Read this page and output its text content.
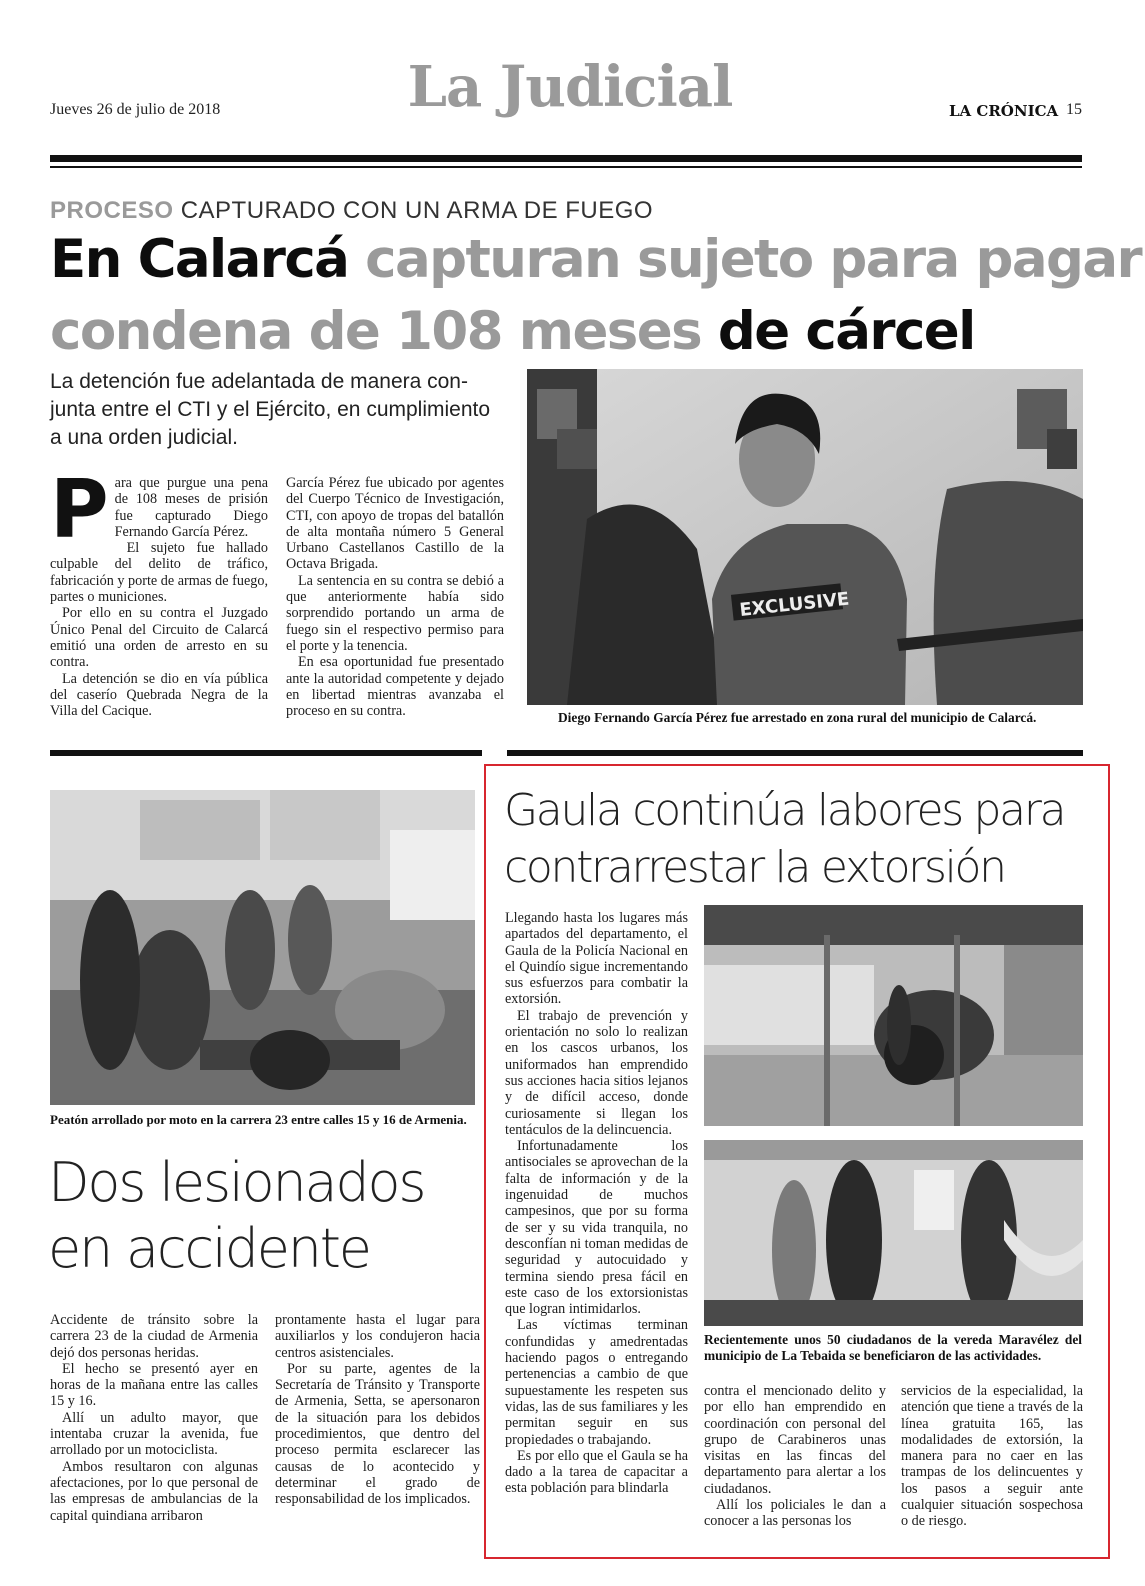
Jueves 26 de julio de 2018	La Judicial	LA CRÓNICA 15
PROCESO CAPTURADO CON UN ARMA DE FUEGO
En Calarcá capturan sujeto para pagar
condena de 108 meses de cárcel
La detención fue adelantada de manera con-
junta entre el CTI y el Ejército, en cumplimiento
a una orden judicial.
P ara que purgue una pena de 108 meses de prisión fue capturado Diego Fernando García Pérez.

El sujeto fue hallado culpable del delito de tráfico, fabricación y porte de armas de fuego, partes o municiones.

Por ello en su contra el Juzgado Único Penal del Circuito de Calarcá emitió una orden de arresto en su contra.

La detención se dio en vía pública del caserío Quebrada Negra de la Villa del Cacique.

García Pérez fue ubicado por agentes del Cuerpo Técnico de Investigación, CTI, con apoyo de tropas del batallón de alta montaña número 5 General Urbano Castellanos Castillo de la Octava Brigada.

La sentencia en su contra se debió a que anteriormente había sido sorprendido portando un arma de fuego sin el respectivo permiso para el porte y la tenencia.

En esa oportunidad fue presentado ante la autoridad competente y dejado en libertad mientras avanzaba el proceso en su contra.

EXCLUSIVE
Diego Fernando García Pérez fue arrestado en zona rural del municipio de Calarcá.
Peatón arrollado por moto en la carrera 23 entre calles 15 y 16 de Armenia.
Dos lesionados
en accidente

Accidente de tránsito sobre la carrera 23 de la ciudad de Armenia dejó dos personas heridas.

El hecho se presentó ayer en horas de la mañana entre las calles 15 y 16.

Allí un adulto mayor, que intentaba cruzar la avenida, fue arrollado por un motociclista.

Ambos resultaron con algunas afectaciones, por lo que personal de las empresas de ambulancias de la capital quindiana arribaron

prontamente hasta el lugar para auxiliarlos y los condujeron hacia centros asistenciales.

Por su parte, agentes de la Secretaría de Tránsito y Transporte de Armenia, Setta, se apersonaron de la situación para los debidos procedimientos, que dentro del proceso permita esclarecer las causas de lo acontecido y determinar el grado de responsabilidad de los implicados.

Gaula continúa labores para
contrarrestar la extorsión

Llegando hasta los lugares más apartados del departamento, el Gaula de la Policía Nacional en el Quindío sigue incrementando sus esfuerzos para combatir la extorsión.

El trabajo de prevención y orientación no solo lo realizan en los cascos urbanos, los uniformados han emprendido sus acciones hacia sitios lejanos y de difícil acceso, donde curiosamente si llegan los tentáculos de la delincuencia.

Infortunadamente los antisociales se aprovechan de la falta de información y de la ingenuidad de muchos campesinos, que por su forma de ser y su vida tranquila, no desconfían ni toman medidas de seguridad y autocuidado y termina siendo presa fácil en este caso de los extorsionistas que logran intimidarlos.

Las víctimas terminan confundidas y amedrentadas haciendo pagos o entregando pertenencias a cambio de que supuestamente les respeten sus vidas, las de sus familiares y les permitan seguir en sus propiedades o trabajando.

Es por ello que el Gaula se ha dado a la tarea de capacitar a esta población para blindarla

Recientemente unos 50 ciudadanos de la vereda Maravélez del municipio de La Tebaida se beneficiaron de las actividades.

contra el mencionado delito y por ello han emprendido en coordinación con personal del grupo de Carabineros unas visitas en las fincas del departamento para alertar a los ciudadanos.

Allí los policiales le dan a conocer a las personas los

servicios de la especialidad, la atención que tiene a través de la línea gratuita 165, las modalidades de extorsión, la manera para no caer en las trampas de los delincuentes y los pasos a seguir ante cualquier situación sospechosa o de riesgo.
